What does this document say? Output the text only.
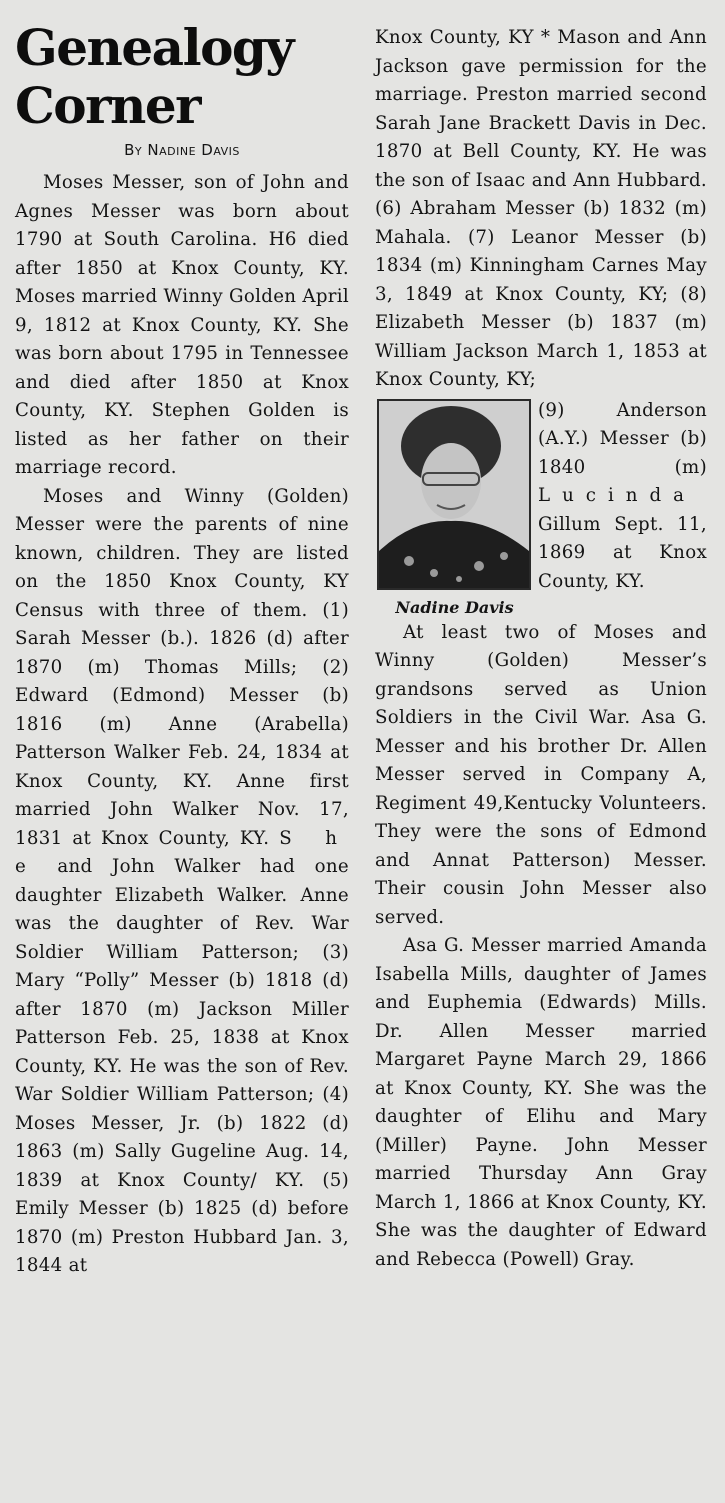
Genealogy
Corner
By Nadine Davis

Moses Messer, son of John and Agnes Messer was born about 1790 at South Carolina. H6 died after 1850 at Knox County, KY. Moses married Winny Golden April 9, 1812 at Knox County, KY. She was born about 1795 in Tennessee and died after 1850 at Knox County, KY. Stephen Golden is listed as her father on their marriage record.

Moses and Winny (Golden) Messer were the parents of nine known, children. They are listed on the 1850 Knox County, KY Census with three of them. (1) Sarah Messer (b.). 1826 (d) after 1870 (m) Thomas Mills; (2) Edward (Edmond) Messer (b) 1816 (m) Anne (Arabella) Patterson Walker Feb. 24, 1834 at Knox County, KY. Anne first married John Walker Nov. 17, 1831 at Knox County, KY. S h e and John Walker had one daughter Elizabeth Walker. Anne was the daughter of Rev. War Soldier William Patterson; (3) Mary “Polly” Messer (b) 1818 (d) after 1870 (m) Jackson Miller Patterson Feb. 25, 1838 at Knox County, KY. He was the son of Rev. War Soldier William Patterson; (4) Moses Messer, Jr. (b) 1822 (d) 1863 (m) Sally Gugeline Aug. 14, 1839 at Knox County/ KY. (5) Emily Messer (b) 1825 (d) before 1870 (m) Preston Hubbard Jan. 3, 1844 at

Knox County, KY * Mason and Ann Jackson gave permission for the marriage. Preston married second Sarah Jane Brackett Davis in Dec. 1870 at Bell County, KY. He was the son of Isaac and Ann Hubbard. (6) Abraham Messer (b) 1832 (m) Mahala. (7) Leanor Messer (b) 1834 (m) Kinningham Carnes May 3, 1849 at Knox County, KY; (8) Elizabeth Messer (b) 1837 (m) William Jackson March 1, 1853 at Knox County, KY;

Nadine Davis

(9) Anderson (A.Y.) Messer (b) 1840 (m) Lucinda Gillum Sept. 11, 1869 at Knox County, KY.

At least two of Moses and Winny (Golden) Messer’s grandsons served as Union Soldiers in the Civil War. Asa G. Messer and his brother Dr. Allen Messer served in Company A, Regiment 49,Kentucky Volunteers. They were the sons of Edmond and Annat Patterson) Messer. Their cousin John Messer also served.

Asa G. Messer married Amanda Isabella Mills, daughter of James and Euphemia (Edwards) Mills. Dr. Allen Messer married Margaret Payne March 29, 1866 at Knox County, KY. She was the daughter of Elihu and Mary (Miller) Payne. John Messer married Thursday Ann Gray March 1, 1866 at Knox County, KY. She was the daughter of Edward and Rebecca (Powell) Gray.
